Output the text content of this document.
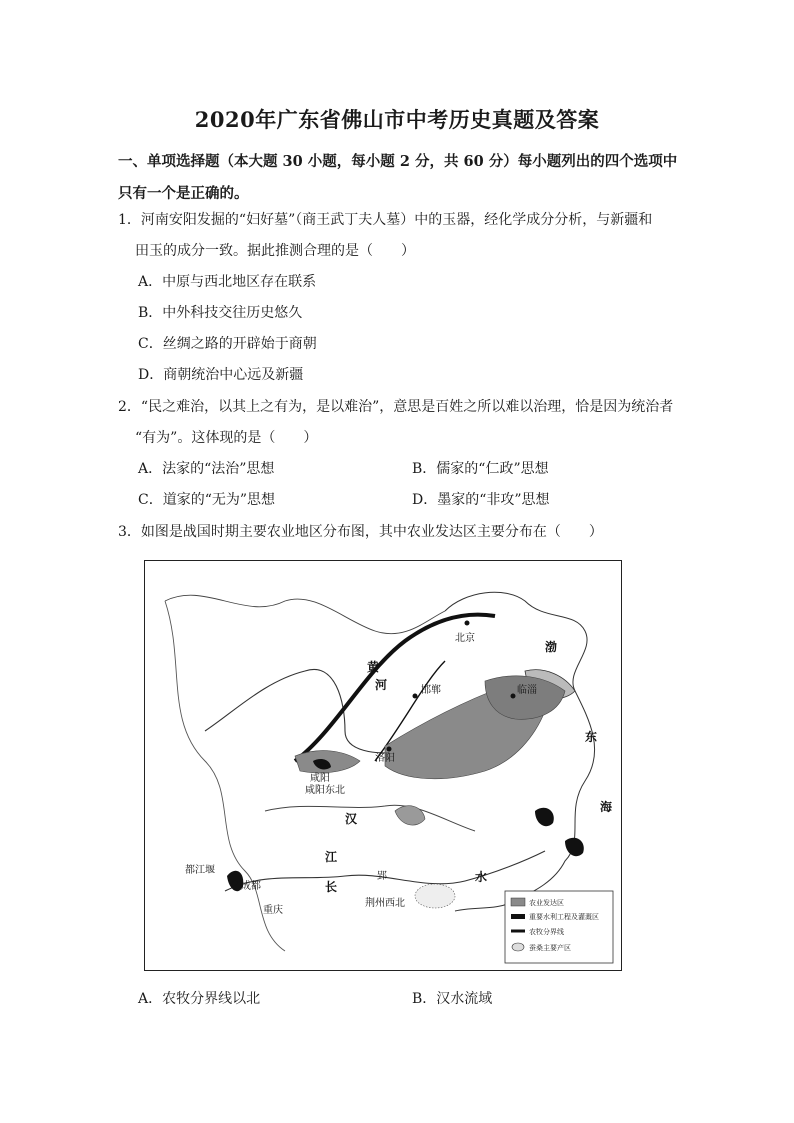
2020年广东省佛山市中考历史真题及答案
一、单项选择题（本大题 30 小题，每小题 2 分，共 60 分）每小题列出的四个选项中只有一个是正确的。
1．河南安阳发掘的“妇好墓”（商王武丁夫人墓）中的玉器，经化学成分分析，与新疆和
田玉的成分一致。据此推测合理的是（　　）
A．中原与西北地区存在联系
B．中外科技交往历史悠久
C．丝绸之路的开辟始于商朝
D．商朝统治中心远及新疆
2．“民之难治，以其上之有为，是以难治”，意思是百姓之所以难以治理，恰是因为统治者
“有为”。这体现的是（　　）
A．法家的“法治”思想	B．儒家的“仁政”思想
C．道家的“无为”思想	D．墨家的“非攻”思想
3．如图是战国时期主要农业地区分布图，其中农业发达区主要分布在（　　）
北京
洛阳
咸阳
咸阳东北
邯郸	临淄
成都
重庆
都江堰
郢
荆州西北
黄
河
汉
江
长
水
渤
东
海
农业发达区
重要水利工程及灌溉区
农牧分界线
蚕桑主要产区
A．农牧分界线以北	B．汉水流域
